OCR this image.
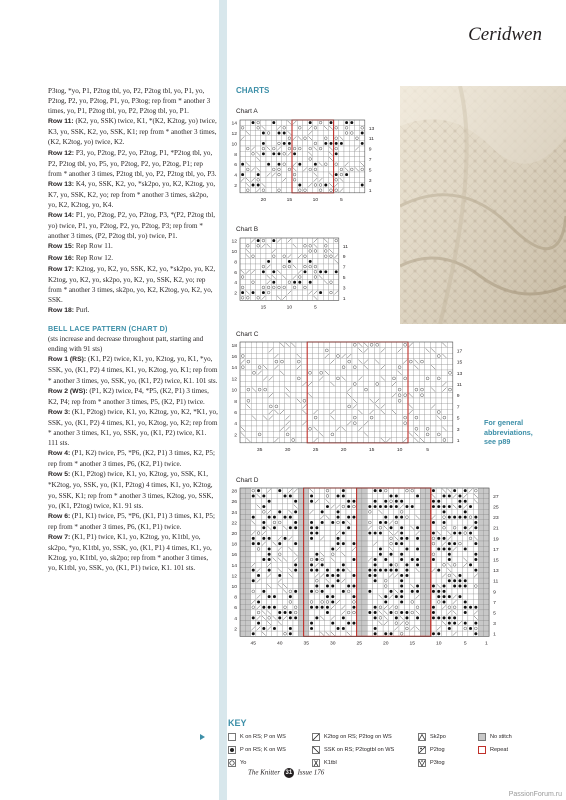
P3tog, *yo, P1, P2tog tbl, yo, P2, P2tog tbl, yo, P1, yo, P2tog, P2, yo, P2tog, P1, yo, P3tog; rep from * another 3 times, yo, P1, P2tog tbl, yo, P2, P2tog tbl, yo, P1.

Row 11: (K2, yo, SSK) twice, K1, *(K2, K2tog, yo) twice, K3, yo, SSK, K2, yo, SSK, K1; rep from * another 3 times, (K2, K2tog, yo) twice, K2.

Row 12: P3, yo, P2tog, P2, yo, P2tog, P1, *P2tog tbl, yo, P2, P2tog tbl, yo, P5, yo, P2tog, P2, yo, P2tog, P1; rep from * another 3 times, P2tog tbl, yo, P2, P2tog tbl, yo, P3.

Row 13: K4, yo, SSK, K2, yo, *sk2po, yo, K2, K2tog, yo, K7, yo, SSK, K2, yo; rep from * another 3 times, sk2po, yo, K2, K2tog, yo, K4.

Row 14: P1, yo, P2tog, P2, yo, P2tog, P3, *(P2, P2tog tbl, yo) twice, P1, yo, P2tog, P2, yo, P2tog, P3; rep from * another 3 times, (P2, P2tog tbl, yo) twice, P1.

Row 15: Rep Row 11.

Row 16: Rep Row 12.

Row 17: K2tog, yo, K2, yo, SSK, K2, yo, *sk2po, yo, K2, K2tog, yo, K2, yo, sk2po, yo, K2, yo, SSK, K2, yo; rep from * another 3 times, sk2po, yo, K2, K2tog, yo, K2, yo, SSK.

Row 18: Purl.

BELL LACE PATTERN (CHART D)

(sts increase and decrease throughout patt, starting and ending with 91 sts)

Row 1 (RS): (K1, P2) twice, K1, yo, K2tog, yo, K1, *yo, SSK, yo, (K1, P2) 4 times, K1, yo, K2tog, yo, K1; rep from * another 3 times, yo, SSK, yo, (K1, P2) twice, K1. 101 sts.

Row 2 (WS): (P1, K2) twice, P4, *P5, (K2, P1) 3 times, K2, P4; rep from * another 3 times, P5, (K2, P1) twice.

Row 3: (K1, P2tog) twice, K1, yo, K2tog, yo, K2, *K1, yo, SSK, yo, (K1, P2) 4 times, K1, yo, K2tog, yo, K2; rep from * another 3 times, K1, yo, SSK, yo, (K1, P2) twice, K1. 111 sts.

Row 4: (P1, K2) twice, P5, *P6, (K2, P1) 3 times, K2, P5; rep from * another 3 times, P6, (K2, P1) twice.

Row 5: (K1, P2tog) twice, K1, yo, K2tog, yo, SSK, K1, *K2tog, yo, SSK, yo, (K1, P2tog) 4 times, K1, yo, K2tog, yo, SSK, K1; rep from * another 3 times, K2tog, yo, SSK, yo, (K1, P2tog) twice, K1. 91 sts.

Row 6: (P1, K1) twice, P5, *P6, (K1, P1) 3 times, K1, P5; rep from * another 3 times, P6, (K1, P1) twice.

Row 7: (K1, P1) twice, K1, yo, K2tog, yo, K1tbl, yo, sk2po, *yo, K1tbl, yo, SSK, yo, (K1, P1) 4 times, K1, yo, K2tog, yo, K1tbl, yo, sk2po; rep from * another 3 times, yo, K1tbl, yo, SSK, yo, (K1, P1) twice, K1. 101 sts.

Ceridwen
CHARTS
Chart A
14
12
10
8
6
4
2
13
11
9
7
5
3
1
20	15	10	5
Chart B
12
10
8
6
4
2
11
9
7
5
3
1
15	10	5
Chart C
18
16
14
12
10
8
6
4
2
17
15
13
11
9
7
5
3
1
35	30	25	20	15	10	5
For general
abbreviations,
see p89
Chart D
28
26
24
22
20
18
16
14
12
10
8
6
4
2
27
25
23
21
19
17
15
13
11
9
7
5
3
1
45	40	35	30	25	20	15	10	5	1
KEY
K on RS; P on WS
P on RS; K on WS
Yo
K2tog on RS; P2tog on WS
SSK on RS; P2togtbl on WS
K1tbl
Sk2po
P2tog
P3tog
No stitch
Repeat
The Knitter 31 Issue 176
PassionForum.ru
